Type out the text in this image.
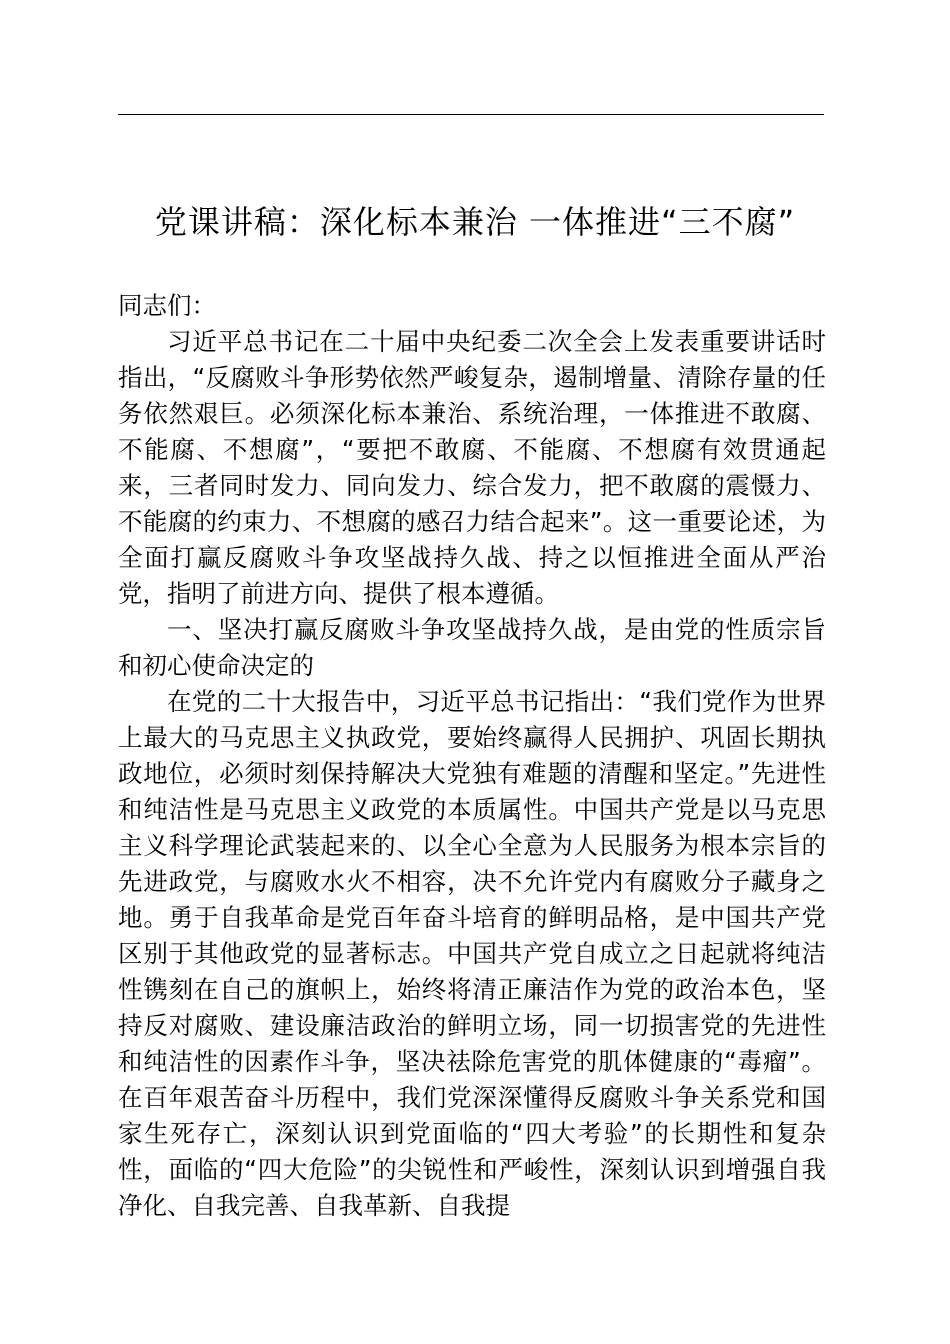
党课讲稿：深化标本兼治 一体推进“三不腐”

同志们：

习近平总书记在二十届中央纪委二次全会上发表重要讲话时指出，“反腐败斗争形势依然严峻复杂，遏制增量、清除存量的任务依然艰巨。必须深化标本兼治、系统治理，一体推进不敢腐、不能腐、不想腐”，“要把不敢腐、不能腐、不想腐有效贯通起来，三者同时发力、同向发力、综合发力，把不敢腐的震慑力、不能腐的约束力、不想腐的感召力结合起来”。这一重要论述，为全面打赢反腐败斗争攻坚战持久战、持之以恒推进全面从严治党，指明了前进方向、提供了根本遵循。

一、坚决打赢反腐败斗争攻坚战持久战，是由党的性质宗旨和初心使命决定的

在党的二十大报告中，习近平总书记指出：“我们党作为世界上最大的马克思主义执政党，要始终赢得人民拥护、巩固长期执政地位，必须时刻保持解决大党独有难题的清醒和坚定。”先进性和纯洁性是马克思主义政党的本质属性。中国共产党是以马克思主义科学理论武装起来的、以全心全意为人民服务为根本宗旨的先进政党，与腐败水火不相容，决不允许党内有腐败分子藏身之地。勇于自我革命是党百年奋斗培育的鲜明品格，是中国共产党区别于其他政党的显著标志。中国共产党自成立之日起就将纯洁性镌刻在自己的旗帜上，始终将清正廉洁作为党的政治本色，坚持反对腐败、建设廉洁政治的鲜明立场，同一切损害党的先进性和纯洁性的因素作斗争，坚决祛除危害党的肌体健康的“毒瘤”。在百年艰苦奋斗历程中，我们党深深懂得反腐败斗争关系党和国家生死存亡，深刻认识到党面临的“四大考验”的长期性和复杂性，面临的“四大危险”的尖锐性和严峻性，深刻认识到增强自我净化、自我完善、自我革新、自我提
